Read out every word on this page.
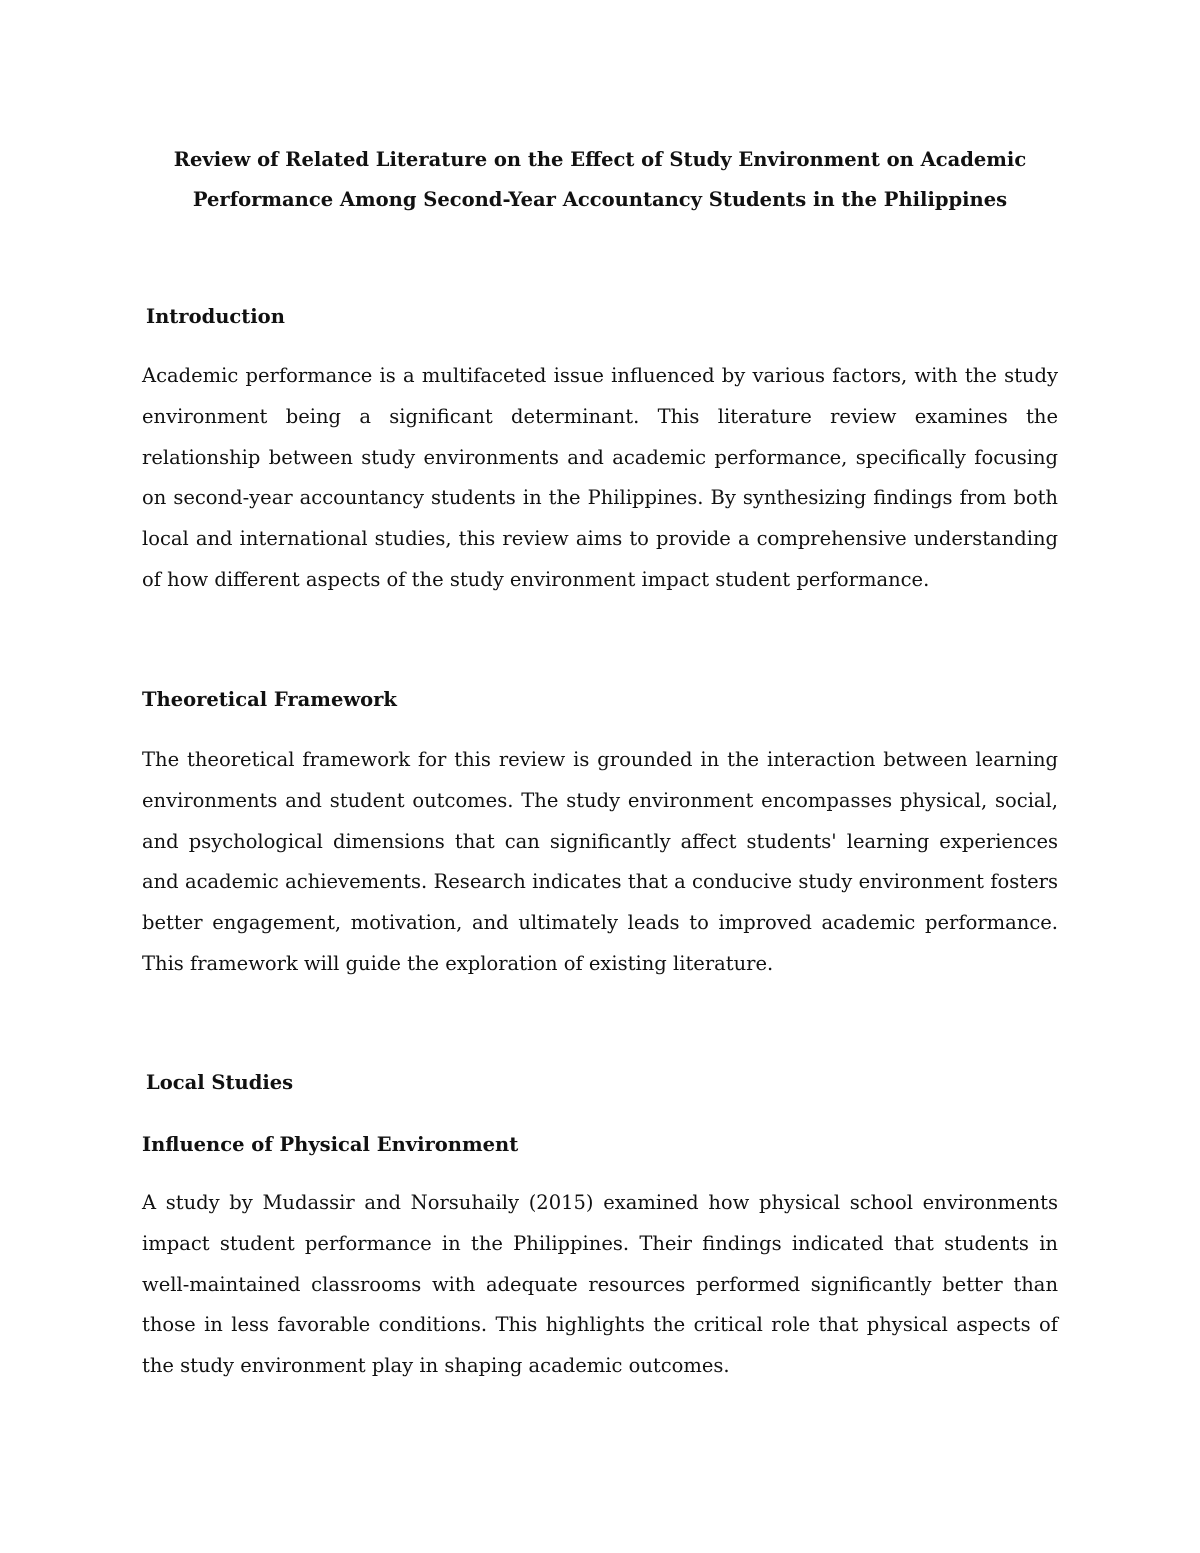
Review of Related Literature on the Effect of Study Environment on Academic

Performance Among Second-Year Accountancy Students in the Philippines

Introduction

Academic performance is a multifaceted issue influenced by various factors, with the study environment being a significant determinant. This literature review examines the relationship between study environments and academic performance, specifically focusing on second-year accountancy students in the Philippines. By synthesizing findings from both local and international studies, this review aims to provide a comprehensive understanding of how different aspects of the study environment impact student performance.

Theoretical Framework

The theoretical framework for this review is grounded in the interaction between learning environments and student outcomes. The study environment encompasses physical, social, and psychological dimensions that can significantly affect students' learning experiences and academic achievements. Research indicates that a conducive study environment fosters better engagement, motivation, and ultimately leads to improved academic performance. This framework will guide the exploration of existing literature.

Local Studies
Influence of Physical Environment

A study by Mudassir and Norsuhaily (2015) examined how physical school environments impact student performance in the Philippines. Their findings indicated that students in well-maintained classrooms with adequate resources performed significantly better than those in less favorable conditions. This highlights the critical role that physical aspects of the study environment play in shaping academic outcomes.
